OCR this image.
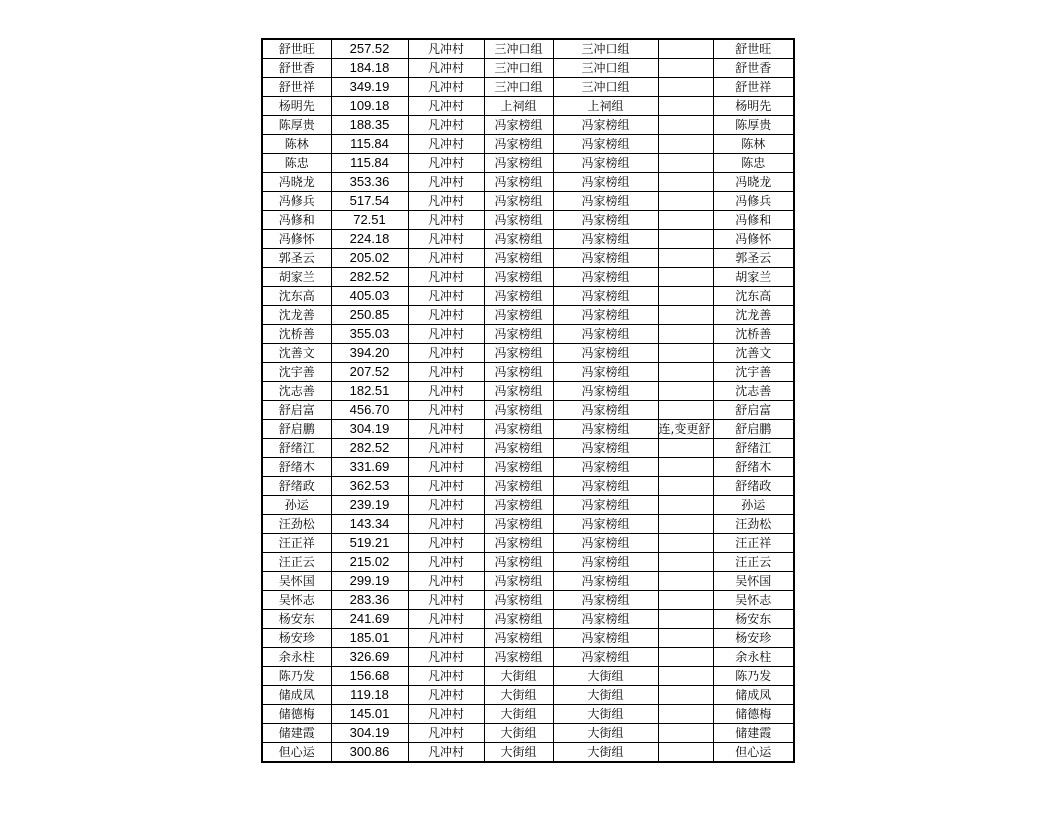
舒世旺	257.52	凡冲村	三冲口组	三冲口组		舒世旺
舒世香	184.18	凡冲村	三冲口组	三冲口组		舒世香
舒世祥	349.19	凡冲村	三冲口组	三冲口组		舒世祥
杨明先	109.18	凡冲村	上祠组	上祠组		杨明先
陈厚贵	188.35	凡冲村	冯家榜组	冯家榜组		陈厚贵
陈林	115.84	凡冲村	冯家榜组	冯家榜组		陈林
陈忠	115.84	凡冲村	冯家榜组	冯家榜组		陈忠
冯晓龙	353.36	凡冲村	冯家榜组	冯家榜组		冯晓龙
冯修兵	517.54	凡冲村	冯家榜组	冯家榜组		冯修兵
冯修和	72.51	凡冲村	冯家榜组	冯家榜组		冯修和
冯修怀	224.18	凡冲村	冯家榜组	冯家榜组		冯修怀
郭圣云	205.02	凡冲村	冯家榜组	冯家榜组		郭圣云
胡家兰	282.52	凡冲村	冯家榜组	冯家榜组		胡家兰
沈东高	405.03	凡冲村	冯家榜组	冯家榜组		沈东高
沈龙善	250.85	凡冲村	冯家榜组	冯家榜组		沈龙善
沈桥善	355.03	凡冲村	冯家榜组	冯家榜组		沈桥善
沈善文	394.20	凡冲村	冯家榜组	冯家榜组		沈善文
沈宇善	207.52	凡冲村	冯家榜组	冯家榜组		沈宇善
沈志善	182.51	凡冲村	冯家榜组	冯家榜组		沈志善
舒启富	456.70	凡冲村	冯家榜组	冯家榜组		舒启富
舒启鹏	304.19	凡冲村	冯家榜组	冯家榜组	连,变更舒	舒启鹏
舒绪江	282.52	凡冲村	冯家榜组	冯家榜组		舒绪江
舒绪木	331.69	凡冲村	冯家榜组	冯家榜组		舒绪木
舒绪政	362.53	凡冲村	冯家榜组	冯家榜组		舒绪政
孙运	239.19	凡冲村	冯家榜组	冯家榜组		孙运
汪劲松	143.34	凡冲村	冯家榜组	冯家榜组		汪劲松
汪正祥	519.21	凡冲村	冯家榜组	冯家榜组		汪正祥
汪正云	215.02	凡冲村	冯家榜组	冯家榜组		汪正云
吴怀国	299.19	凡冲村	冯家榜组	冯家榜组		吴怀国
吴怀志	283.36	凡冲村	冯家榜组	冯家榜组		吴怀志
杨安东	241.69	凡冲村	冯家榜组	冯家榜组		杨安东
杨安珍	185.01	凡冲村	冯家榜组	冯家榜组		杨安珍
余永柱	326.69	凡冲村	冯家榜组	冯家榜组		余永柱
陈乃发	156.68	凡冲村	大街组	大街组		陈乃发
储成凤	119.18	凡冲村	大街组	大街组		储成凤
储德梅	145.01	凡冲村	大街组	大街组		储德梅
储建霞	304.19	凡冲村	大街组	大街组		储建霞
但心运	300.86	凡冲村	大街组	大街组		但心运
